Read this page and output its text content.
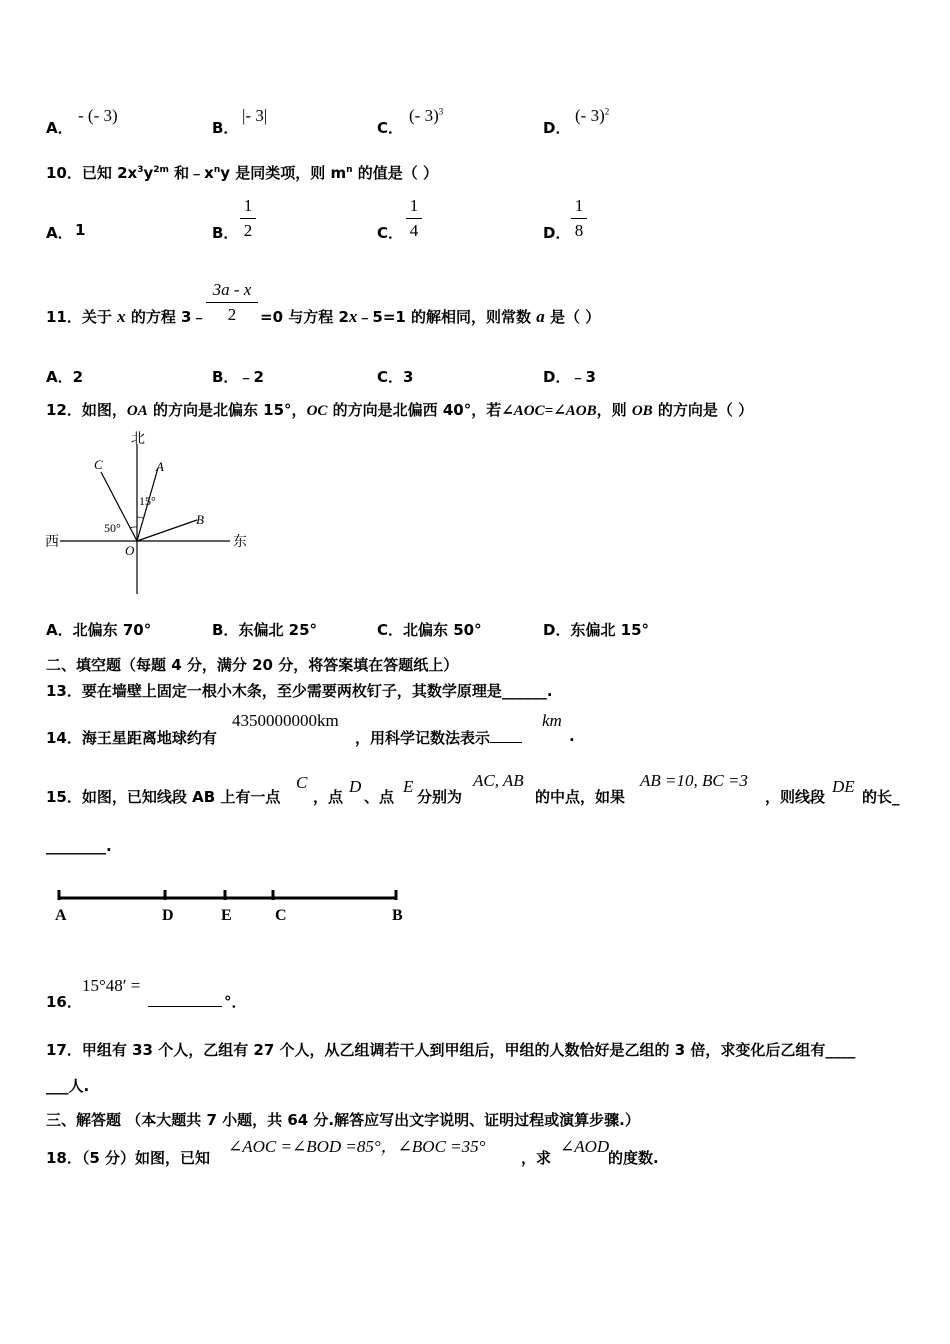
A．
- (- 3)
B．
|- 3|
C．
(- 3)$^3$
D．
(- 3)$^2$
10．已知 $2x^3y^{2m}$ 和$﹣x^ny$ 是同类项，则 $m^n$ 的值是（ ）
A． 1	B．
1
2	C．
1
4	D．
1
8
11．关于 x 的方程 3﹣
3a - x
2	=0 与方程 2x﹣5=1 的解相同，则常数 a 是（ ）
A．2	B．﹣2	C．3	D．﹣3
12．如图，OA 的方向是北偏东 15°，OC 的方向是北偏西 40°，若∠AOC=∠AOB，则 OB 的方向是（ ）
北
西	东
C	A
B
O
15°
50°
A．北偏东 70°	B．东偏北 25°	C．北偏东 50°	D．东偏北 15°
二、填空题（每题 4 分，满分 20 分，将答案填在答题纸上）
13．要在墙壁上固定一根小木条，至少需要两枚钉子，其数学原理是______.
14．海王星距离地球约有
4350000000km
，用科学记数法表示
km
.
15．如图，已知线段 AB 上有一点
C
，点
D
、点
E
分别为
AC, AB
的中点，如果
AB =10, BC =3
，则线段
DE
的长_
________.
A	D	E	C	B
16．
15°48′ =
°．
17．甲组有 33 个人，乙组有 27 个人，从乙组调若干人到甲组后，甲组的人数恰好是乙组的 3 倍，求变化后乙组有____
___人.
三、解答题 （本大题共 7 小题，共 64 分.解答应写出文字说明、证明过程或演算步骤.）
18．（5 分）如图，已知
∠AOC =∠BOD =85°，∠BOC =35°
，求
∠AOD
的度数.
